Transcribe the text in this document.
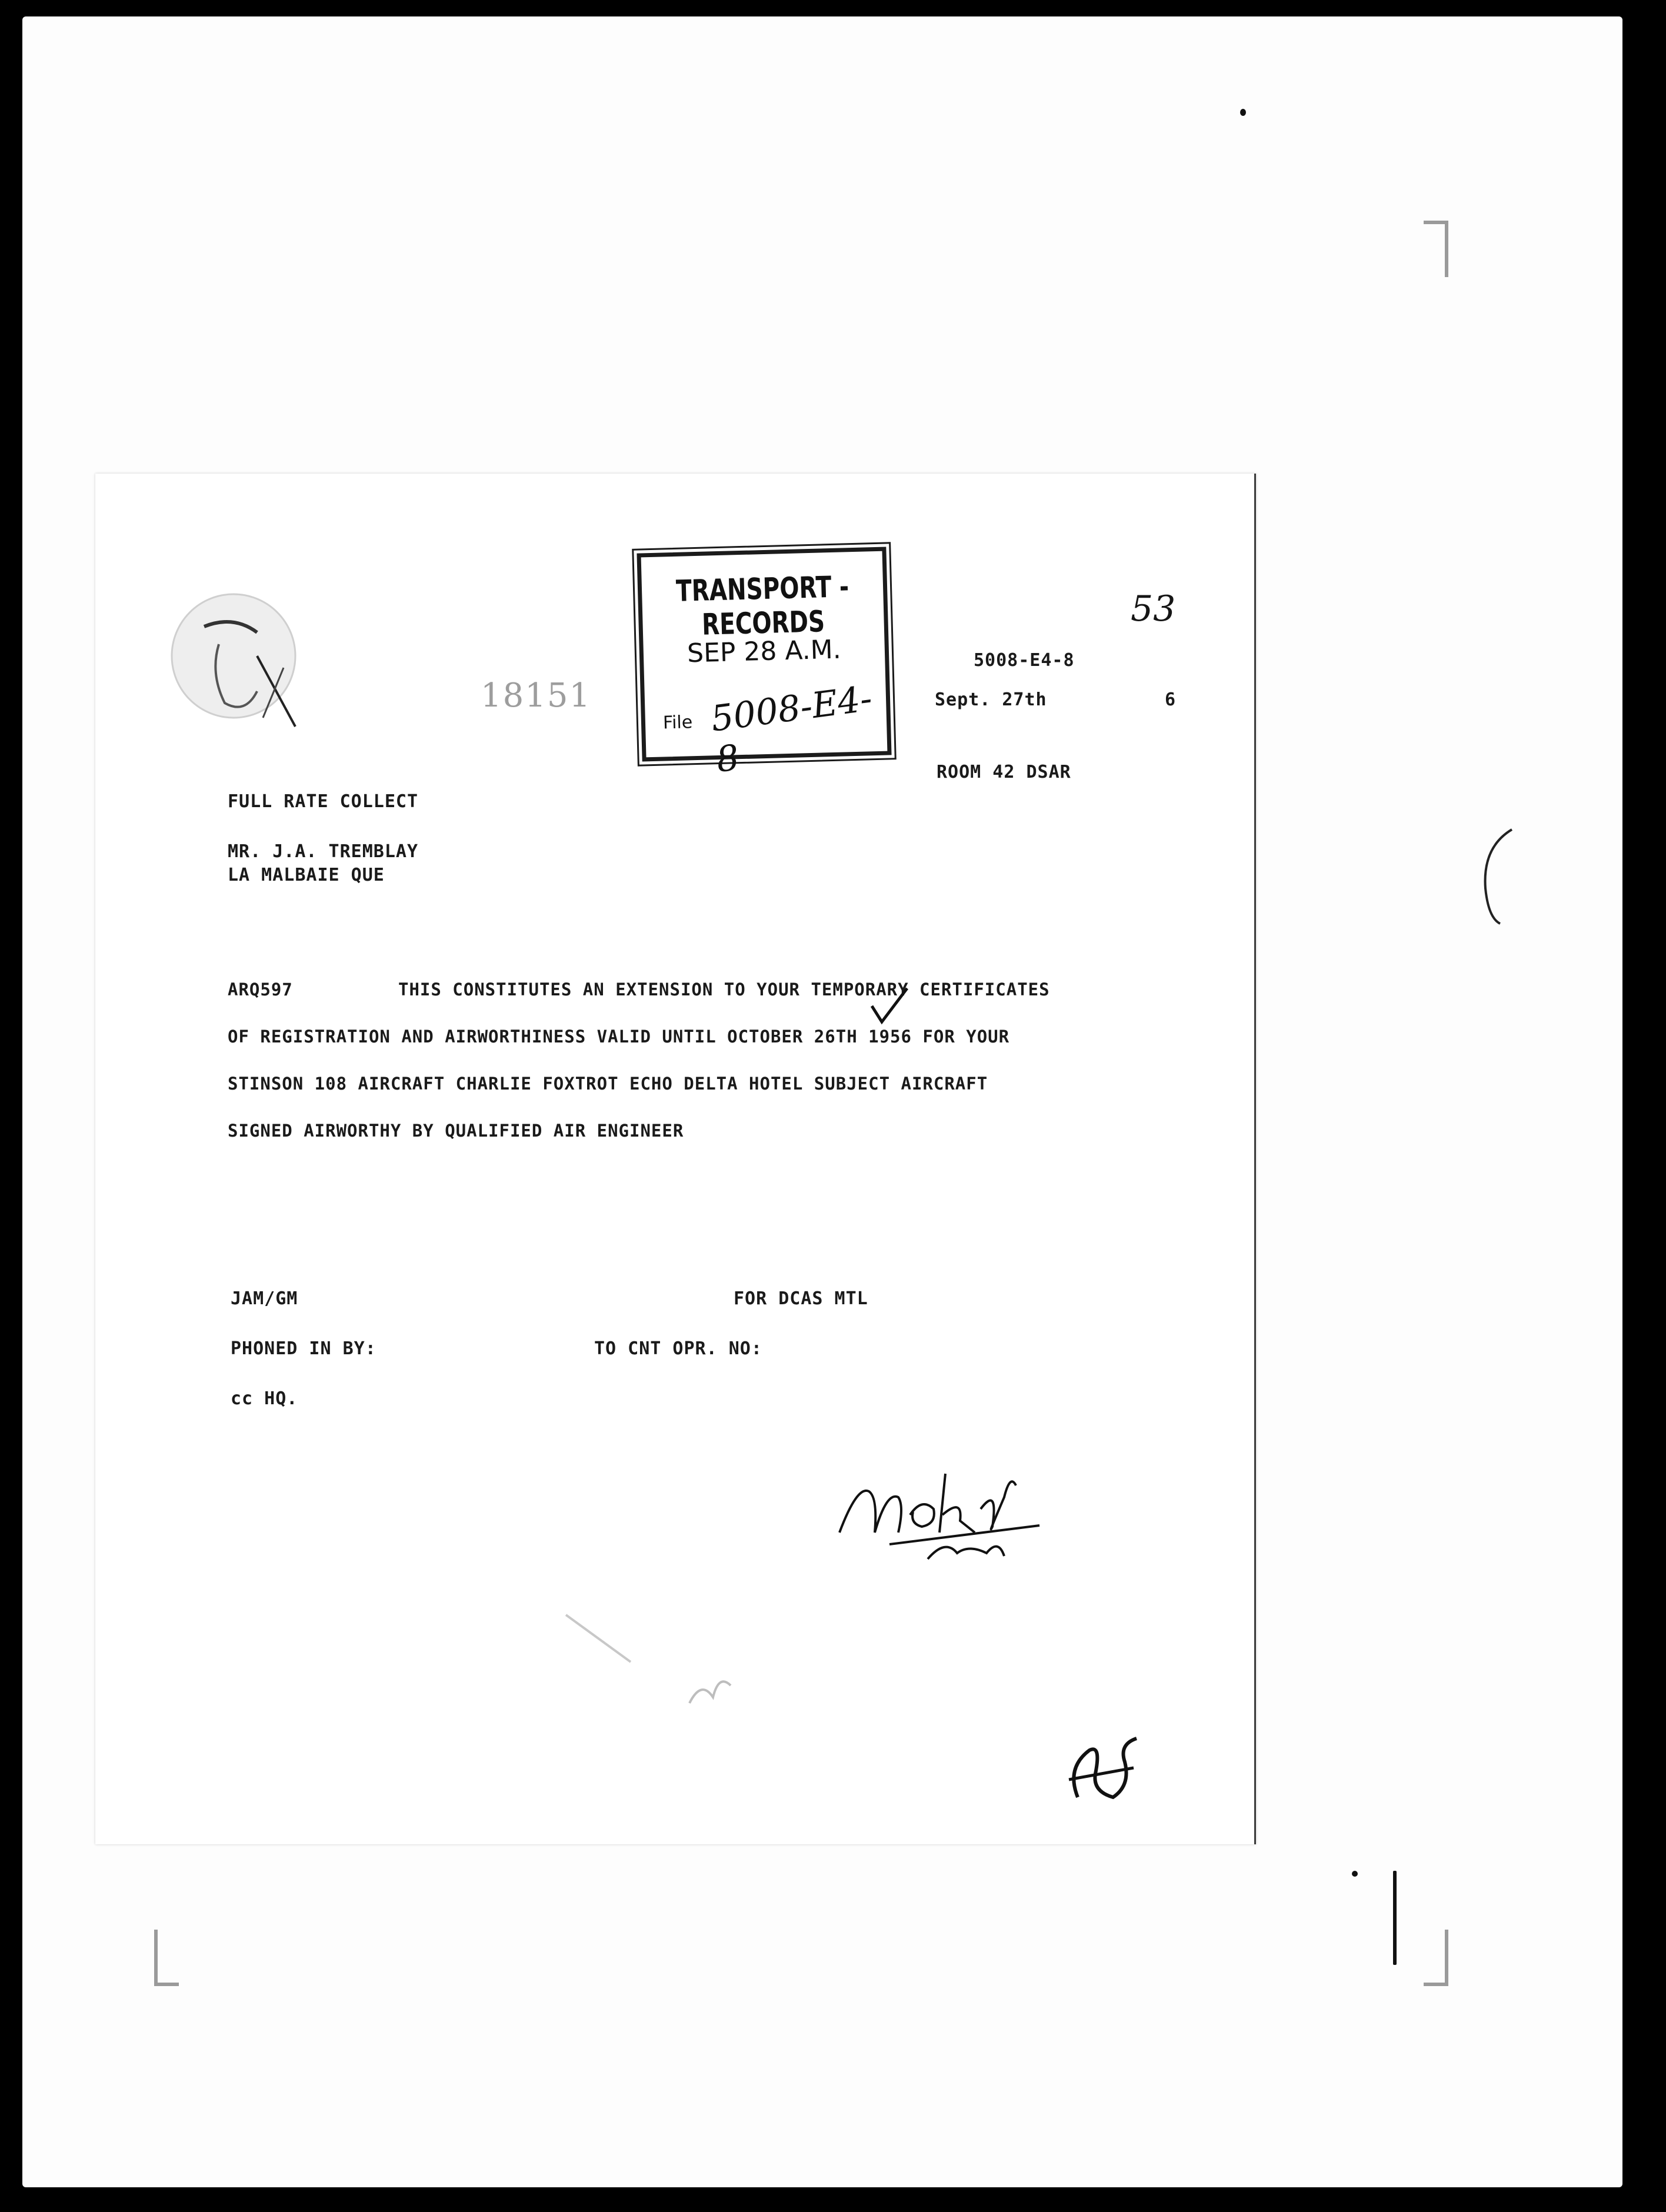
18151
TRANSPORT - RECORDS
SEP 28 A.M.
File 5008-E4-8
53
5008-E4-8
Sept. 27th	6
ROOM 42 DSAR
FULL RATE COLLECT
MR. J.A. TREMBLAY
LA MALBAIE QUE
ARQ597	THIS CONSTITUTES AN EXTENSION TO YOUR TEMPORARY CERTIFICATES
OF REGISTRATION AND AIRWORTHINESS VALID UNTIL OCTOBER 26TH 1956 FOR YOUR
STINSON 108 AIRCRAFT CHARLIE FOXTROT ECHO DELTA HOTEL SUBJECT AIRCRAFT
SIGNED AIRWORTHY BY QUALIFIED AIR ENGINEER
JAM/GM	FOR DCAS MTL
PHONED IN BY:	TO CNT OPR. NO:
cc HQ.
